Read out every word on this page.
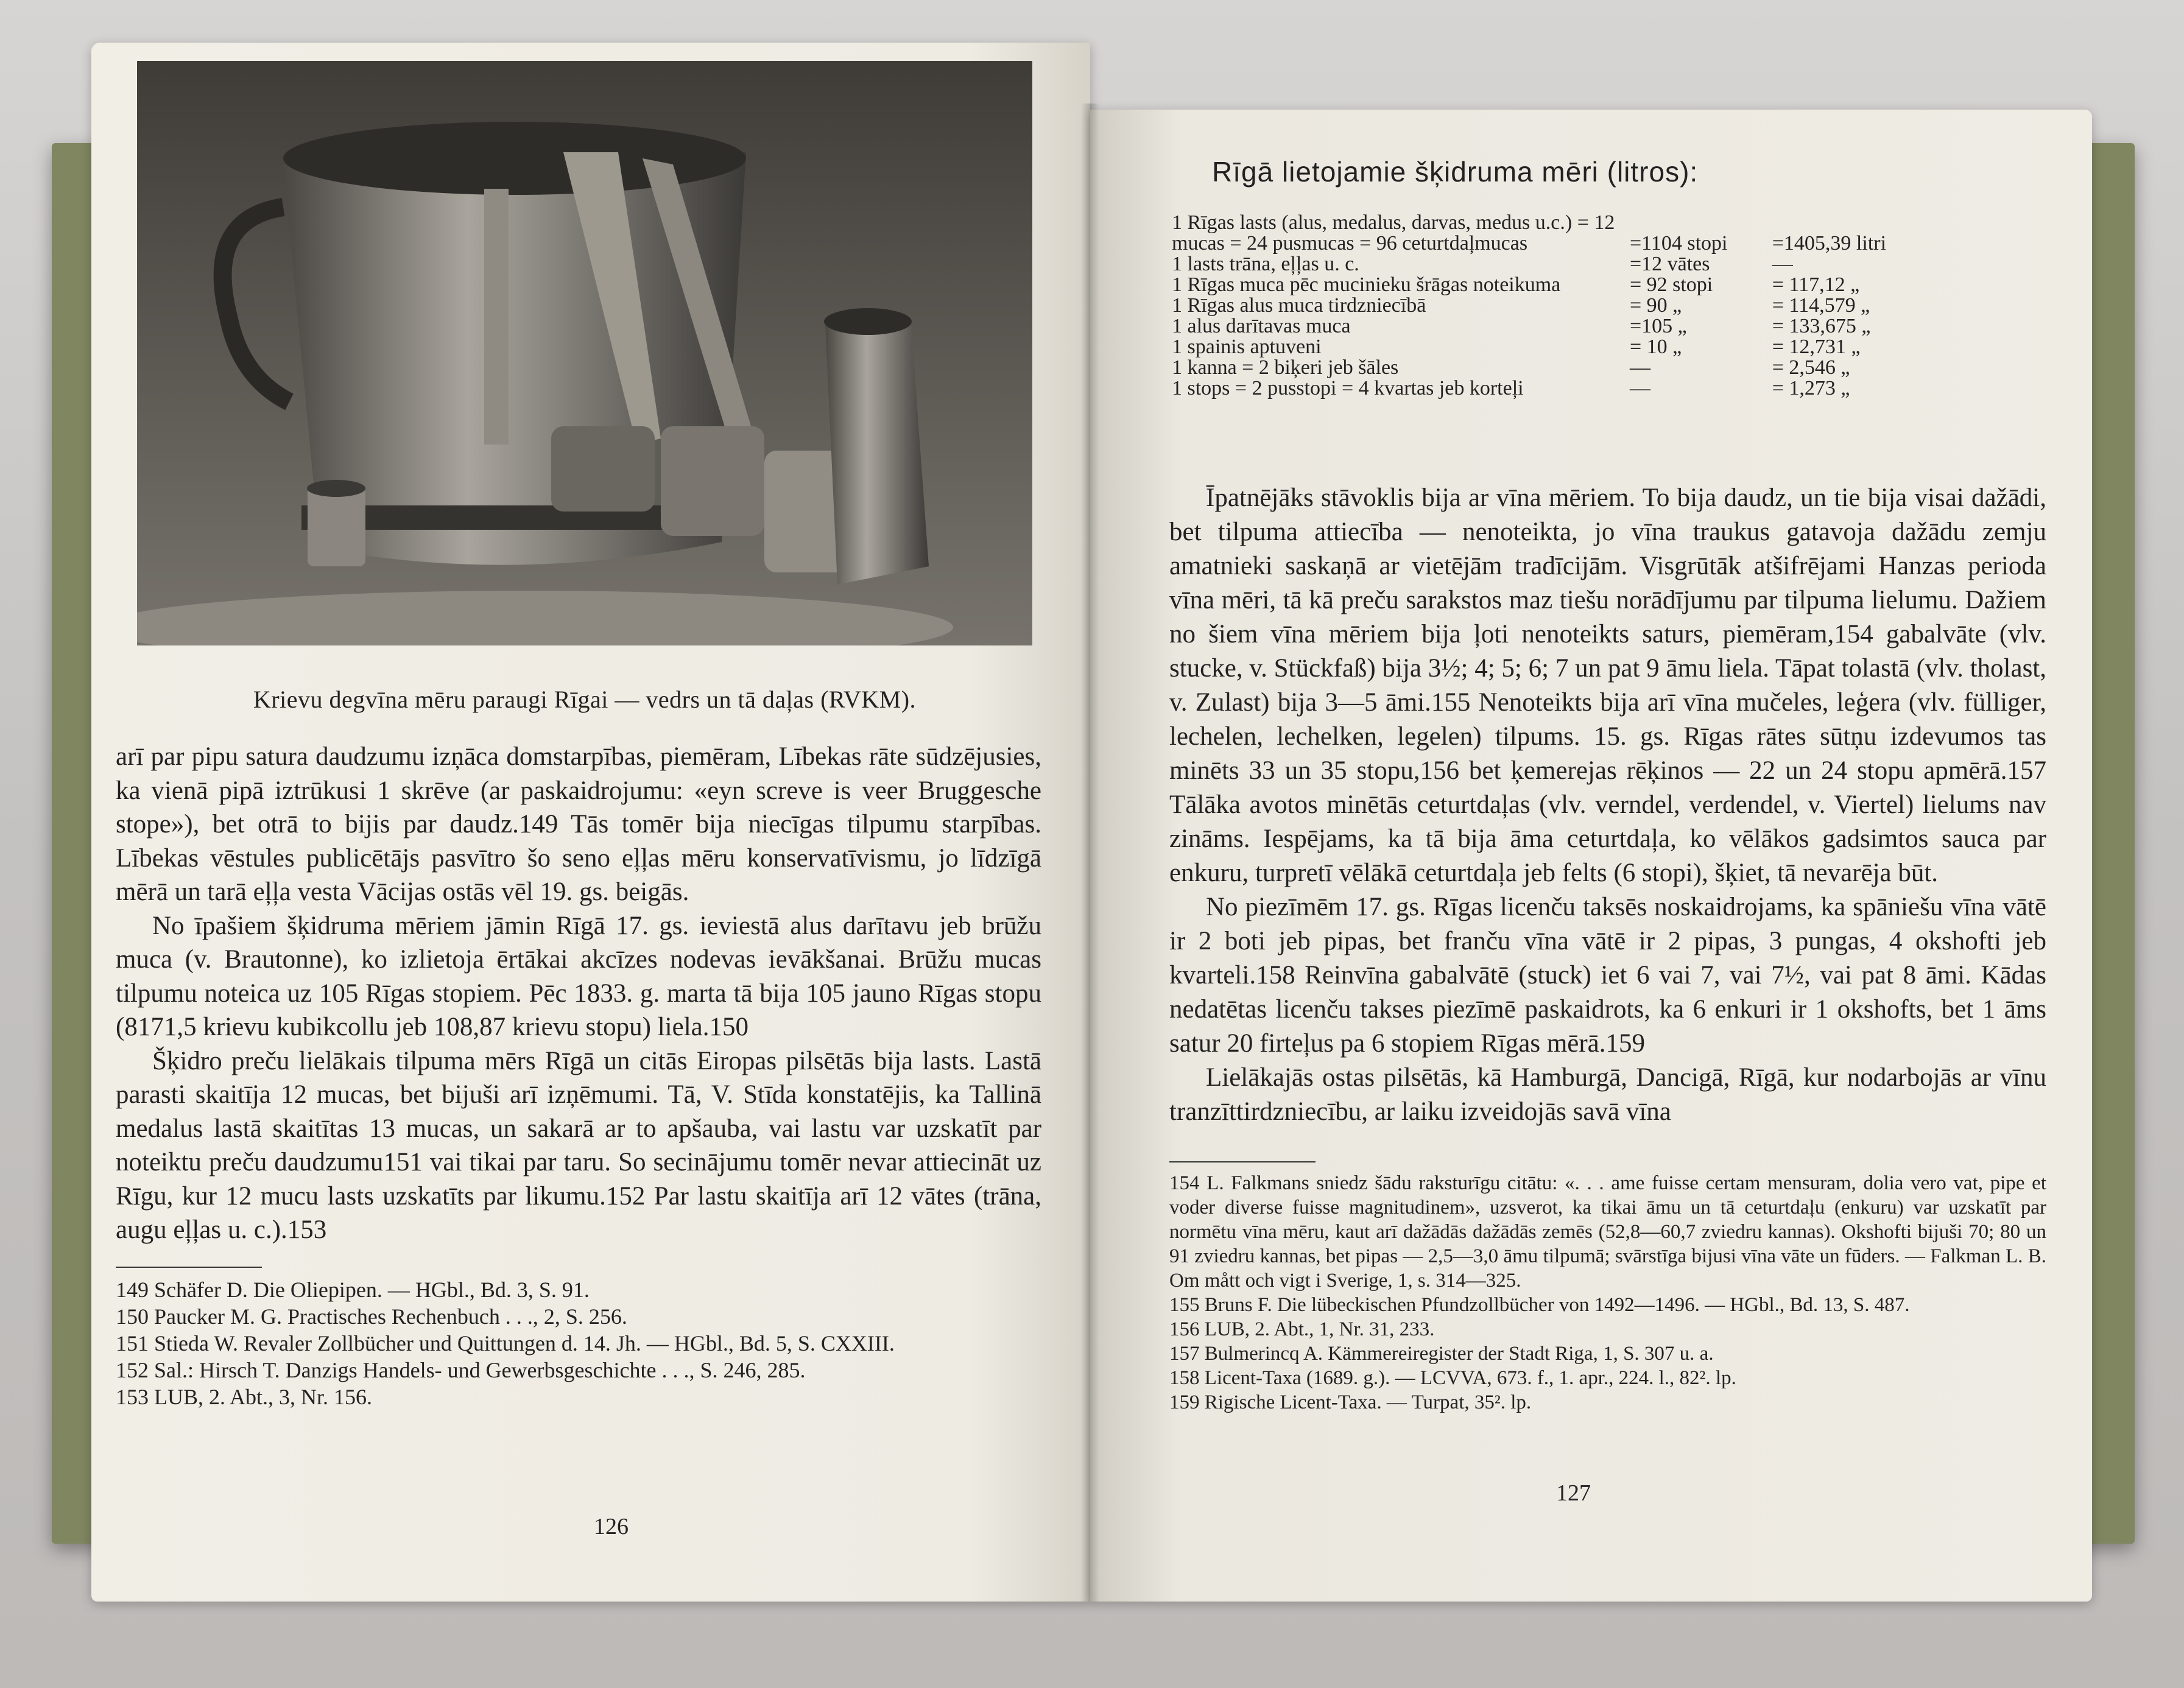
Krievu degvīna mēru paraugi Rīgai — vedrs un tā daļas (RVKM).

arī par pipu satura daudzumu izņāca domstarpības, piemēram, Lībekas rāte sūdzējusies, ka vienā pipā iztrūkusi 1 skrēve (ar paskaidrojumu: «eyn screve is veer Bruggesche stope»), bet otrā to bijis par daudz.149 Tās tomēr bija niecīgas tilpumu starpības. Lībekas vēstules publicētājs pasvītro šo seno eļļas mēru konservatīvismu, jo līdzīgā mērā un tarā eļļa vesta Vācijas ostās vēl 19. gs. beigās.

No īpašiem šķidruma mēriem jāmin Rīgā 17. gs. ieviestā alus darītavu jeb brūžu muca (v. Brautonne), ko izlietoja ērtākai akcīzes nodevas ievākšanai. Brūžu mucas tilpumu noteica uz 105 Rīgas stopiem. Pēc 1833. g. marta tā bija 105 jauno Rīgas stopu (8171,5 krievu kubikcollu jeb 108,87 krievu stopu) liela.150

Šķidro preču lielākais tilpuma mērs Rīgā un citās Eiropas pilsētās bija lasts. Lastā parasti skaitīja 12 mucas, bet bijuši arī izņēmumi. Tā, V. Stīda konstatējis, ka Tallinā medalus lastā skaitītas 13 mucas, un sakarā ar to apšauba, vai lastu var uzskatīt par noteiktu preču daudzumu151 vai tikai par taru. So secinājumu tomēr nevar attiecināt uz Rīgu, kur 12 mucu lasts uzskatīts par likumu.152 Par lastu skaitīja arī 12 vātes (trāna, augu eļļas u. c.).153

149 Schäfer D. Die Oliepipen. — HGbl., Bd. 3, S. 91.

150 Paucker M. G. Practisches Rechenbuch . . ., 2, S. 256.

151 Stieda W. Revaler Zollbücher und Quittungen d. 14. Jh. — HGbl., Bd. 5, S. CXXIII.

152 Sal.: Hirsch T. Danzigs Handels- und Gewerbsgeschichte . . ., S. 246, 285.

153 LUB, 2. Abt., 3, Nr. 156.

126
Rīgā lietojamie šķidruma mēri (litros):
1 Rīgas lasts (alus, medalus, darvas, medus u.c.) = 12 mucas = 24 pusmucas = 96 ceturtdaļmucas	=1104 stopi	=1405,39 litri
1 lasts trāna, eļļas u. c.	=12 vātes	—
1 Rīgas muca pēc mucinieku šrāgas noteikuma	= 92 stopi	= 117,12 „
1 Rīgas alus muca tirdzniecībā	= 90 „	= 114,579 „
1 alus darītavas muca	=105 „	= 133,675 „
1 spainis aptuveni	= 10 „	= 12,731 „
1 kanna = 2 biķeri jeb šāles	—	= 2,546 „
1 stops = 2 pusstopi = 4 kvartas jeb korteļi	—	= 1,273 „

Īpatnējāks stāvoklis bija ar vīna mēriem. To bija daudz, un tie bija visai dažādi, bet tilpuma attiecība — nenoteikta, jo vīna traukus gatavoja dažādu zemju amatnieki saskaņā ar vietējām tradīcijām. Visgrūtāk atšifrējami Hanzas perioda vīna mēri, tā kā preču sarakstos maz tiešu norādījumu par tilpuma lielumu. Dažiem no šiem vīna mēriem bija ļoti nenoteikts saturs, piemēram,154 gabalvāte (vlv. stucke, v. Stückfaß) bija 3½; 4; 5; 6; 7 un pat 9 āmu liela. Tāpat tolastā (vlv. tholast, v. Zulast) bija 3—5 āmi.155 Nenoteikts bija arī vīna mučeles, leģera (vlv. fülliger, lechelen, lechelken, legelen) tilpums. 15. gs. Rīgas rātes sūtņu izdevumos tas minēts 33 un 35 stopu,156 bet ķemerejas rēķinos — 22 un 24 stopu apmērā.157 Tālāka avotos minētās ceturtdaļas (vlv. verndel, verdendel, v. Viertel) lielums nav zināms. Iespējams, ka tā bija āma ceturtdaļa, ko vēlākos gadsimtos sauca par enkuru, turpretī vēlākā ceturtdaļa jeb felts (6 stopi), šķiet, tā nevarēja būt.

No piezīmēm 17. gs. Rīgas licenču taksēs noskaidrojams, ka spāniešu vīna vātē ir 2 boti jeb pipas, bet franču vīna vātē ir 2 pipas, 3 pungas, 4 okshofti jeb kvarteli.158 Reinvīna gabalvātē (stuck) iet 6 vai 7, vai 7½, vai pat 8 āmi. Kādas nedatētas licenču takses piezīmē paskaidrots, ka 6 enkuri ir 1 okshofts, bet 1 āms satur 20 firteļus pa 6 stopiem Rīgas mērā.159

Lielākajās ostas pilsētās, kā Hamburgā, Dancigā, Rīgā, kur nodarbojās ar vīnu tranzīttirdzniecību, ar laiku izveidojās savā vīna

154 L. Falkmans sniedz šādu raksturīgu citātu: «. . . ame fuisse certam mensuram, dolia vero vat, pipe et voder diverse fuisse magnitudinem», uzsverot, ka tikai āmu un tā ceturtdaļu (enkuru) var uzskatīt par normētu vīna mēru, kaut arī dažādās dažādās zemēs (52,8—60,7 zviedru kannas). Okshofti bijuši 70; 80 un 91 zviedru kannas, bet pipas — 2,5—3,0 āmu tilpumā; svārstīga bijusi vīna vāte un fūders. — Falkman L. B. Om mått och vigt i Sverige, 1, s. 314—325.

155 Bruns F. Die lübeckischen Pfundzollbücher von 1492—1496. — HGbl., Bd. 13, S. 487.

156 LUB, 2. Abt., 1, Nr. 31, 233.

157 Bulmerincq A. Kämmereiregister der Stadt Riga, 1, S. 307 u. a.

158 Licent-Taxa (1689. g.). — LCVVA, 673. f., 1. apr., 224. l., 82². lp.

159 Rigische Licent-Taxa. — Turpat, 35². lp.

127
